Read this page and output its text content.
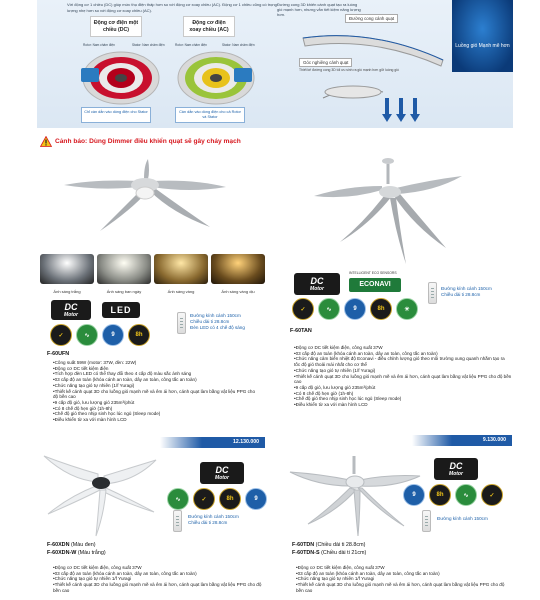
Với động cơ 1 chiều (DC) giúp mức thụ điện thấp hơn so với động cơ xoay chiều (AC). Động cơ 1 chiều cũng có trọng lượng nhẹ hơn so với động cơ xoay chiều (AC).
Động cơ điện một chiều (DC)
Động cơ điện xoay chiều (AC)
Rotor: Nam châm điện	Stator: Nam châm điện	Rotor: Nam châm điện	Stator: Nam châm điện
Chỉ cần dẫn vào dòng điện cho Stator	Cần dẫn vào dòng điện cho cả Rotor và Stator
Đường cong 3D khiến cánh quạt tạo ra luồng gió mạnh hơn, nhưng vẫn tiết kiệm năng lượng hơn.
Đường cong cánh quạt
Góc nghiêng cánh quạt
Thiết kế đường cong 3D tối ưu sinh ra gió mạnh hơn giữ luồng gió
Luồng gió Mạnh mẽ hơn
Cảnh báo: Dùng Dimmer điều khiển quạt sẽ gây cháy mạch
Ánh sáng trắng	Ánh sáng ban ngày	Ánh sáng vàng	Ánh sáng vàng dịu
DC
Motor	LED
✓	∿	9	8h
Đường kính cánh 150cm
Chiều dài ti 28.8cm
Đèn LED có 4 chế độ sáng
F-60UFN
• Công suất 59W (motor: 37W, đèn: 22W)
• Động cơ DC tiết kiệm điện
• Tích hợp đèn LED có thể thay đổi theo 4 cấp độ màu sắc ánh sáng
• 03 cấp độ an toàn (khóa cánh an toàn, dây an toàn, công tắc an toàn)
• Chức năng tạo gió tự nhiên (1/f Yuragi)
• Thiết kế cánh quạt 3D cho luồng gió mạnh mẽ và êm ái hơn, cánh quạt làm bằng vật liệu PPG cho độ bền cao
• 9 cấp độ gió, lưu lượng gió 235m³/phút
• Có 8 chế độ hẹn giờ (1h-8h)
• Chế độ gió theo nhịp sinh học lúc ngủ (Sleep mode)
• Điều khiển từ xa với màn hình LCD
12.130.000
DC
Motor
INTELLIGENT ECO SENSORS
ECONAVI
✓	∿	9	8h	☀
Đường kính cánh 150cm
Chiều dài ti 28.8cm
F-60TAN
• Động cơ DC tiết kiệm điện, công suất 37W
• 03 cấp độ an toàn (khóa cánh an toàn, dây an toàn, công tắc an toàn)
• Chức năng cảm biến nhiệt độ Econavi - điều chỉnh lượng gió theo môi trường xung quanh nhằm tạo ra tốc độ gió thoải mái nhất cho cơ thể
• Chức năng tạo gió tự nhiên (1/f Yuragi)
• Thiết kế cánh quạt 3D cho luồng gió mạnh mẽ và êm ái hơn, cánh quạt làm bằng vật liệu PPG cho độ bền cao
• 9 cấp độ gió, lưu lượng gió 235m³/phút
• Có 8 chế độ hẹn giờ (1h-8h)
• Chế độ gió theo nhịp sinh học lúc ngủ (Sleep mode)
• Điều khiển từ xa với màn hình LCD
9.130.000
DC
Motor
∿	✓	8h	9
Đường kính cánh 150cm
Chiều dài ti 28.8cm
F-60XDN (Màu đen)
F-60XDN-W (Màu trắng)
• Động cơ DC tiết kiệm điện, công suất 37W
• 03 cấp độ an toàn (khóa cánh an toàn, dây an toàn, công tắc an toàn)
• Chức năng tạo gió tự nhiên 1/f Yuragi
• Thiết kế cánh quạt 3D cho luồng gió mạnh mẽ và êm ái hơn, cánh quạt làm bằng vật liệu PPG cho độ bền cao
DC
Motor
9	8h	∿	✓
Đường kính cánh 150cm
F-60TDN (Chiều dài ti 28.8cm)
F-60TDN-S (Chiều dài ti 21cm)
• Động cơ DC tiết kiệm điện, công suất 37W
• 03 cấp độ an toàn (khóa cánh an toàn, dây an toàn, công tắc an toàn)
• Chức năng tạo gió tự nhiên 1/f Yuragi
• Thiết kế cánh quạt 3D cho luồng gió mạnh mẽ và êm ái hơn, cánh quạt làm bằng vật liệu PPG cho độ bền cao
